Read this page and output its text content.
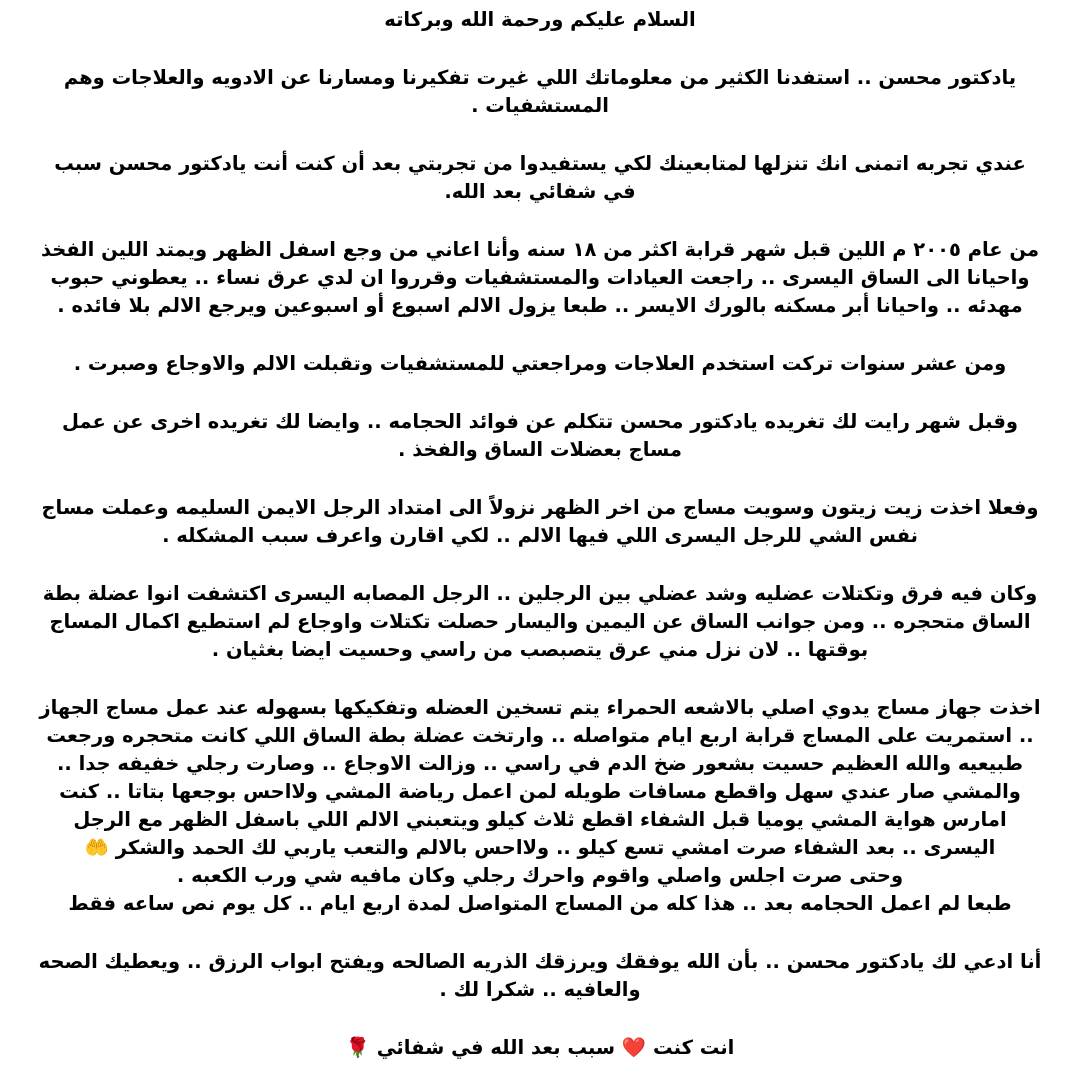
السلام عليكم ورحمة الله وبركاته

يادكتور محسن .. استفدنا الكثير من معلوماتك اللي غيرت تفكيرنا ومسارنا عن الادويه والعلاجات وهم المستشفيات .

عندي تجربه اتمنى انك تنزلها لمتابعينك لكي يستفيدوا من تجربتي بعد أن كنت أنت يادكتور محسن سبب في شفائي بعد الله.

من عام ٢٠٠٥ م اللين قبل شهر قرابة اكثر من ١٨ سنه وأنا اعاني من وجع اسفل الظهر ويمتد اللين الفخذ واحيانا الى الساق اليسرى .. راجعت العيادات والمستشفيات وقرروا ان لدي عرق نساء .. يعطوني حبوب مهدئه .. واحيانا أبر مسكنه بالورك الايسر .. طبعا يزول الالم اسبوع أو اسبوعين ويرجع الالم بلا فائده .

ومن عشر سنوات تركت استخدم العلاجات ومراجعتي للمستشفيات وتقبلت الالم والاوجاع وصبرت .

وقبل شهر رايت لك تغريده يادكتور محسن تتكلم عن فوائد الحجامه .. وايضا لك تغريده اخرى عن عمل مساج بعضلات الساق والفخذ .

وفعلا اخذت زيت زيتون وسويت مساج من اخر الظهر نزولاً الى امتداد الرجل الايمن السليمه وعملت مساج نفس الشي للرجل اليسرى اللي فيها الالم .. لكي اقارن واعرف سبب المشكله .

وكان فيه فرق وتكتلات عضليه وشد عضلي بين الرجلين .. الرجل المصابه اليسرى اكتشفت انوا عضلة بطة الساق متحجره .. ومن جوانب الساق عن اليمين واليسار حصلت تكتلات واوجاع لم استطيع اكمال المساج بوقتها .. لان نزل مني عرق يتصبصب من راسي وحسيت ايضا بغثيان .

اخذت جهاز مساج يدوي اصلي بالاشعه الحمراء يتم تسخين العضله وتفكيكها بسهوله عند عمل مساج الجهاز .. استمريت على المساج قرابة اربع ايام متواصله .. وارتخت عضلة بطة الساق اللي كانت متحجره ورجعت طبيعيه والله العظيم حسيت بشعور ضخ الدم في راسي .. وزالت الاوجاع .. وصارت رجلي خفيفه جدا .. والمشي صار عندي سهل واقطع مسافات طويله لمن اعمل رياضة المشي ولااحس بوجعها بتاتا .. كنت امارس هواية المشي يوميا قبل الشفاء اقطع ثلاث كيلو ويتعبني الالم اللي باسفل الظهر مع الرجل اليسرى .. بعد الشفاء صرت امشي تسع كيلو .. ولااحس بالالم والتعب ياربي لك الحمد والشكر 🤲

وحتى صرت اجلس واصلي واقوم واحرك رجلي وكان مافيه شي ورب الكعبه .

طبعا لم اعمل الحجامه بعد .. هذا كله من المساج المتواصل لمدة اربع ايام .. كل يوم نص ساعه فقط

أنا ادعي لك يادكتور محسن .. بأن الله يوفقك ويرزقك الذريه الصالحه ويفتح ابواب الرزق .. ويعطيك الصحه والعافيه .. شكرا لك .

انت كنت ❤️ سبب بعد الله في شفائي 🌹
